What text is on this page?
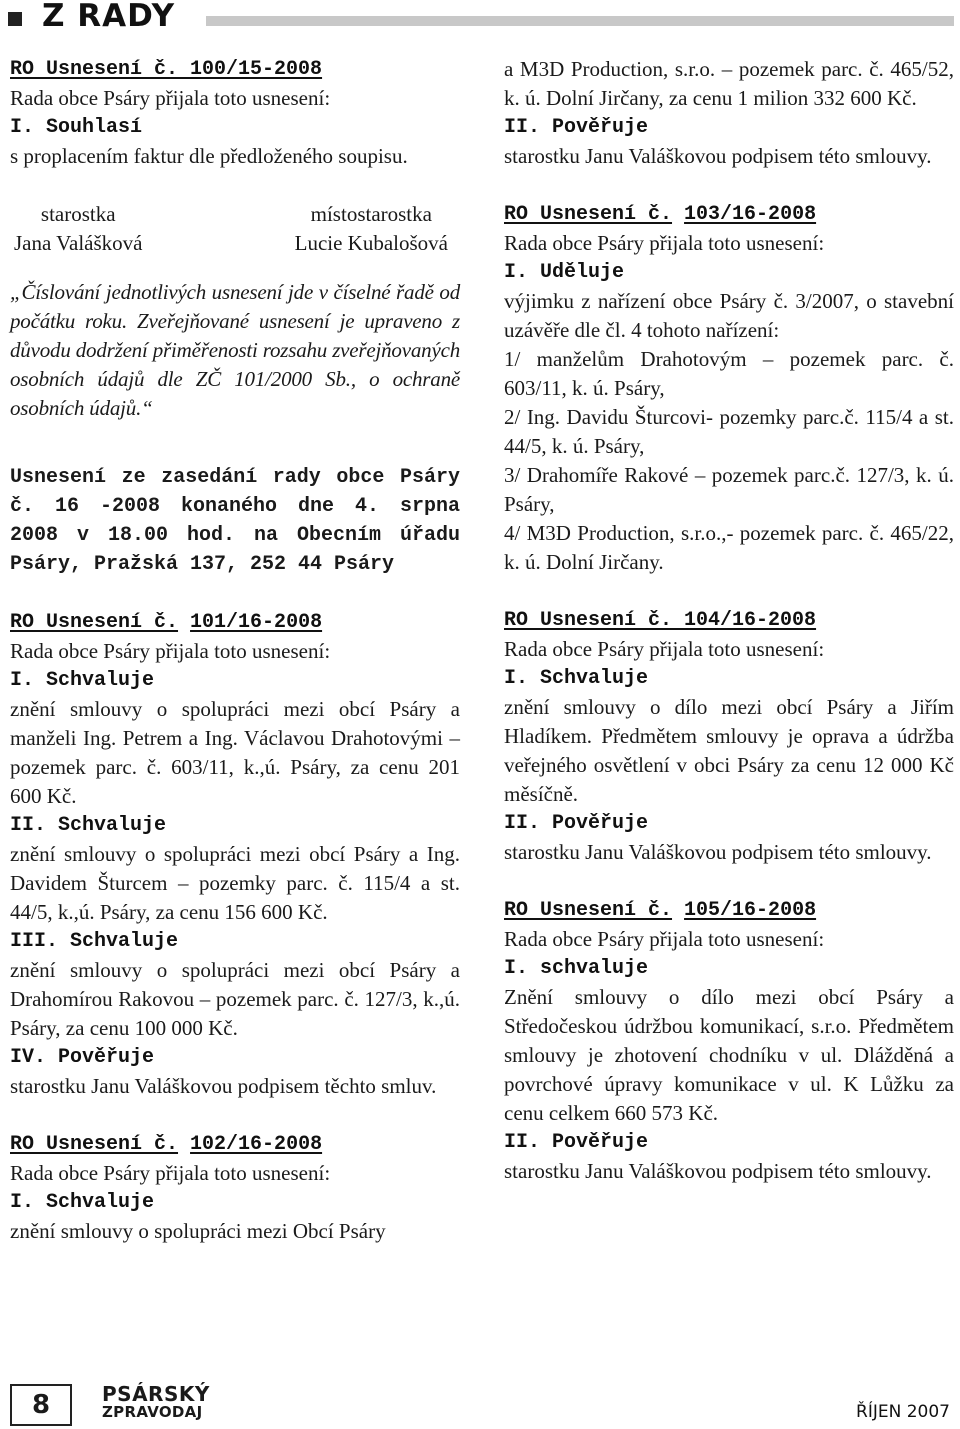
Z RADY
RO Usnesení č. 100/15-2008
Rada obce Psáry přijala toto usnesení:
I. Souhlasí
s proplacením faktur dle předloženého soupisu.
starostka
Jana Valášková
místostarostka
Lucie Kubalošová
„Číslování jednotlivých usnesení jde v číselné řadě od počátku roku. Zveřejňované usnesení je upraveno z důvodu dodržení přiměřenosti rozsahu zveřejňovaných osobních údajů dle ZČ 101/2000 Sb., o ochraně osobních údajů.“
Usnesení ze zasedání rady obce Psáry č. 16 -2008 konaného dne 4. srpna 2008 v 18.00 hod. na Obecním úřadu Psáry, Pražská 137, 252 44 Psáry
RO Usnesení č. 101/16-2008
Rada obce Psáry přijala toto usnesení:
I. Schvaluje
znění smlouvy o spolupráci mezi obcí Psáry a manželi Ing. Petrem a Ing. Václavou Drahotovými – pozemek parc. č. 603/11, k.,ú. Psáry, za cenu 201 600 Kč.
II. Schvaluje
znění smlouvy o spolupráci mezi obcí Psáry a Ing. Davidem Šturcem – pozemky parc. č. 115/4 a st. 44/5, k.,ú. Psáry, za cenu 156 600 Kč.
III. Schvaluje
znění smlouvy o spolupráci mezi obcí Psáry a Drahomírou Rakovou – pozemek parc. č. 127/3, k.,ú. Psáry, za cenu 100 000 Kč.
IV. Pověřuje
starostku Janu Valáškovou podpisem těchto smluv.
RO Usnesení č. 102/16-2008
Rada obce Psáry přijala toto usnesení:
I. Schvaluje
znění smlouvy o spolupráci mezi Obcí Psáry
a M3D Production, s.r.o. – pozemek parc. č. 465/52, k. ú. Dolní Jirčany, za cenu 1 milion 332 600 Kč.
II. Pověřuje
starostku Janu Valáškovou podpisem této smlouvy.
RO Usnesení č. 103/16-2008
Rada obce Psáry přijala toto usnesení:
I. Uděluje
výjimku z nařízení obce Psáry č. 3/2007, o stavební uzávěře dle čl. 4 tohoto nařízení:
1/ manželům Drahotovým – pozemek parc. č. 603/11, k. ú. Psáry,
2/ Ing. Davidu Šturcovi- pozemky parc.č. 115/4 a st. 44/5, k. ú. Psáry,
3/ Drahomíře Rakové – pozemek parc.č. 127/3, k. ú. Psáry,
4/ M3D Production, s.r.o.,- pozemek parc. č. 465/22, k. ú. Dolní Jirčany.
RO Usnesení č. 104/16-2008
Rada obce Psáry přijala toto usnesení:
I. Schvaluje
znění smlouvy o dílo mezi obcí Psáry a Jiřím Hladíkem. Předmětem smlouvy je oprava a údržba veřejného osvětlení v obci Psáry za cenu 12 000 Kč měsíčně.
II. Pověřuje
starostku Janu Valáškovou podpisem této smlouvy.
RO Usnesení č. 105/16-2008
Rada obce Psáry přijala toto usnesení:
I. schvaluje
Znění smlouvy o dílo mezi obcí Psáry a Středočeskou údržbou komunikací, s.r.o. Předmětem smlouvy je zhotovení chodníku v ul. Dlážděná a povrchové úpravy komunikace v ul. K Lůžku za cenu celkem 660 573 Kč.
II. Pověřuje
starostku Janu Valáškovou podpisem této smlouvy.
8	PSÁRSKÝ
ZPRAVODAJ	ŘÍJEN 2007
